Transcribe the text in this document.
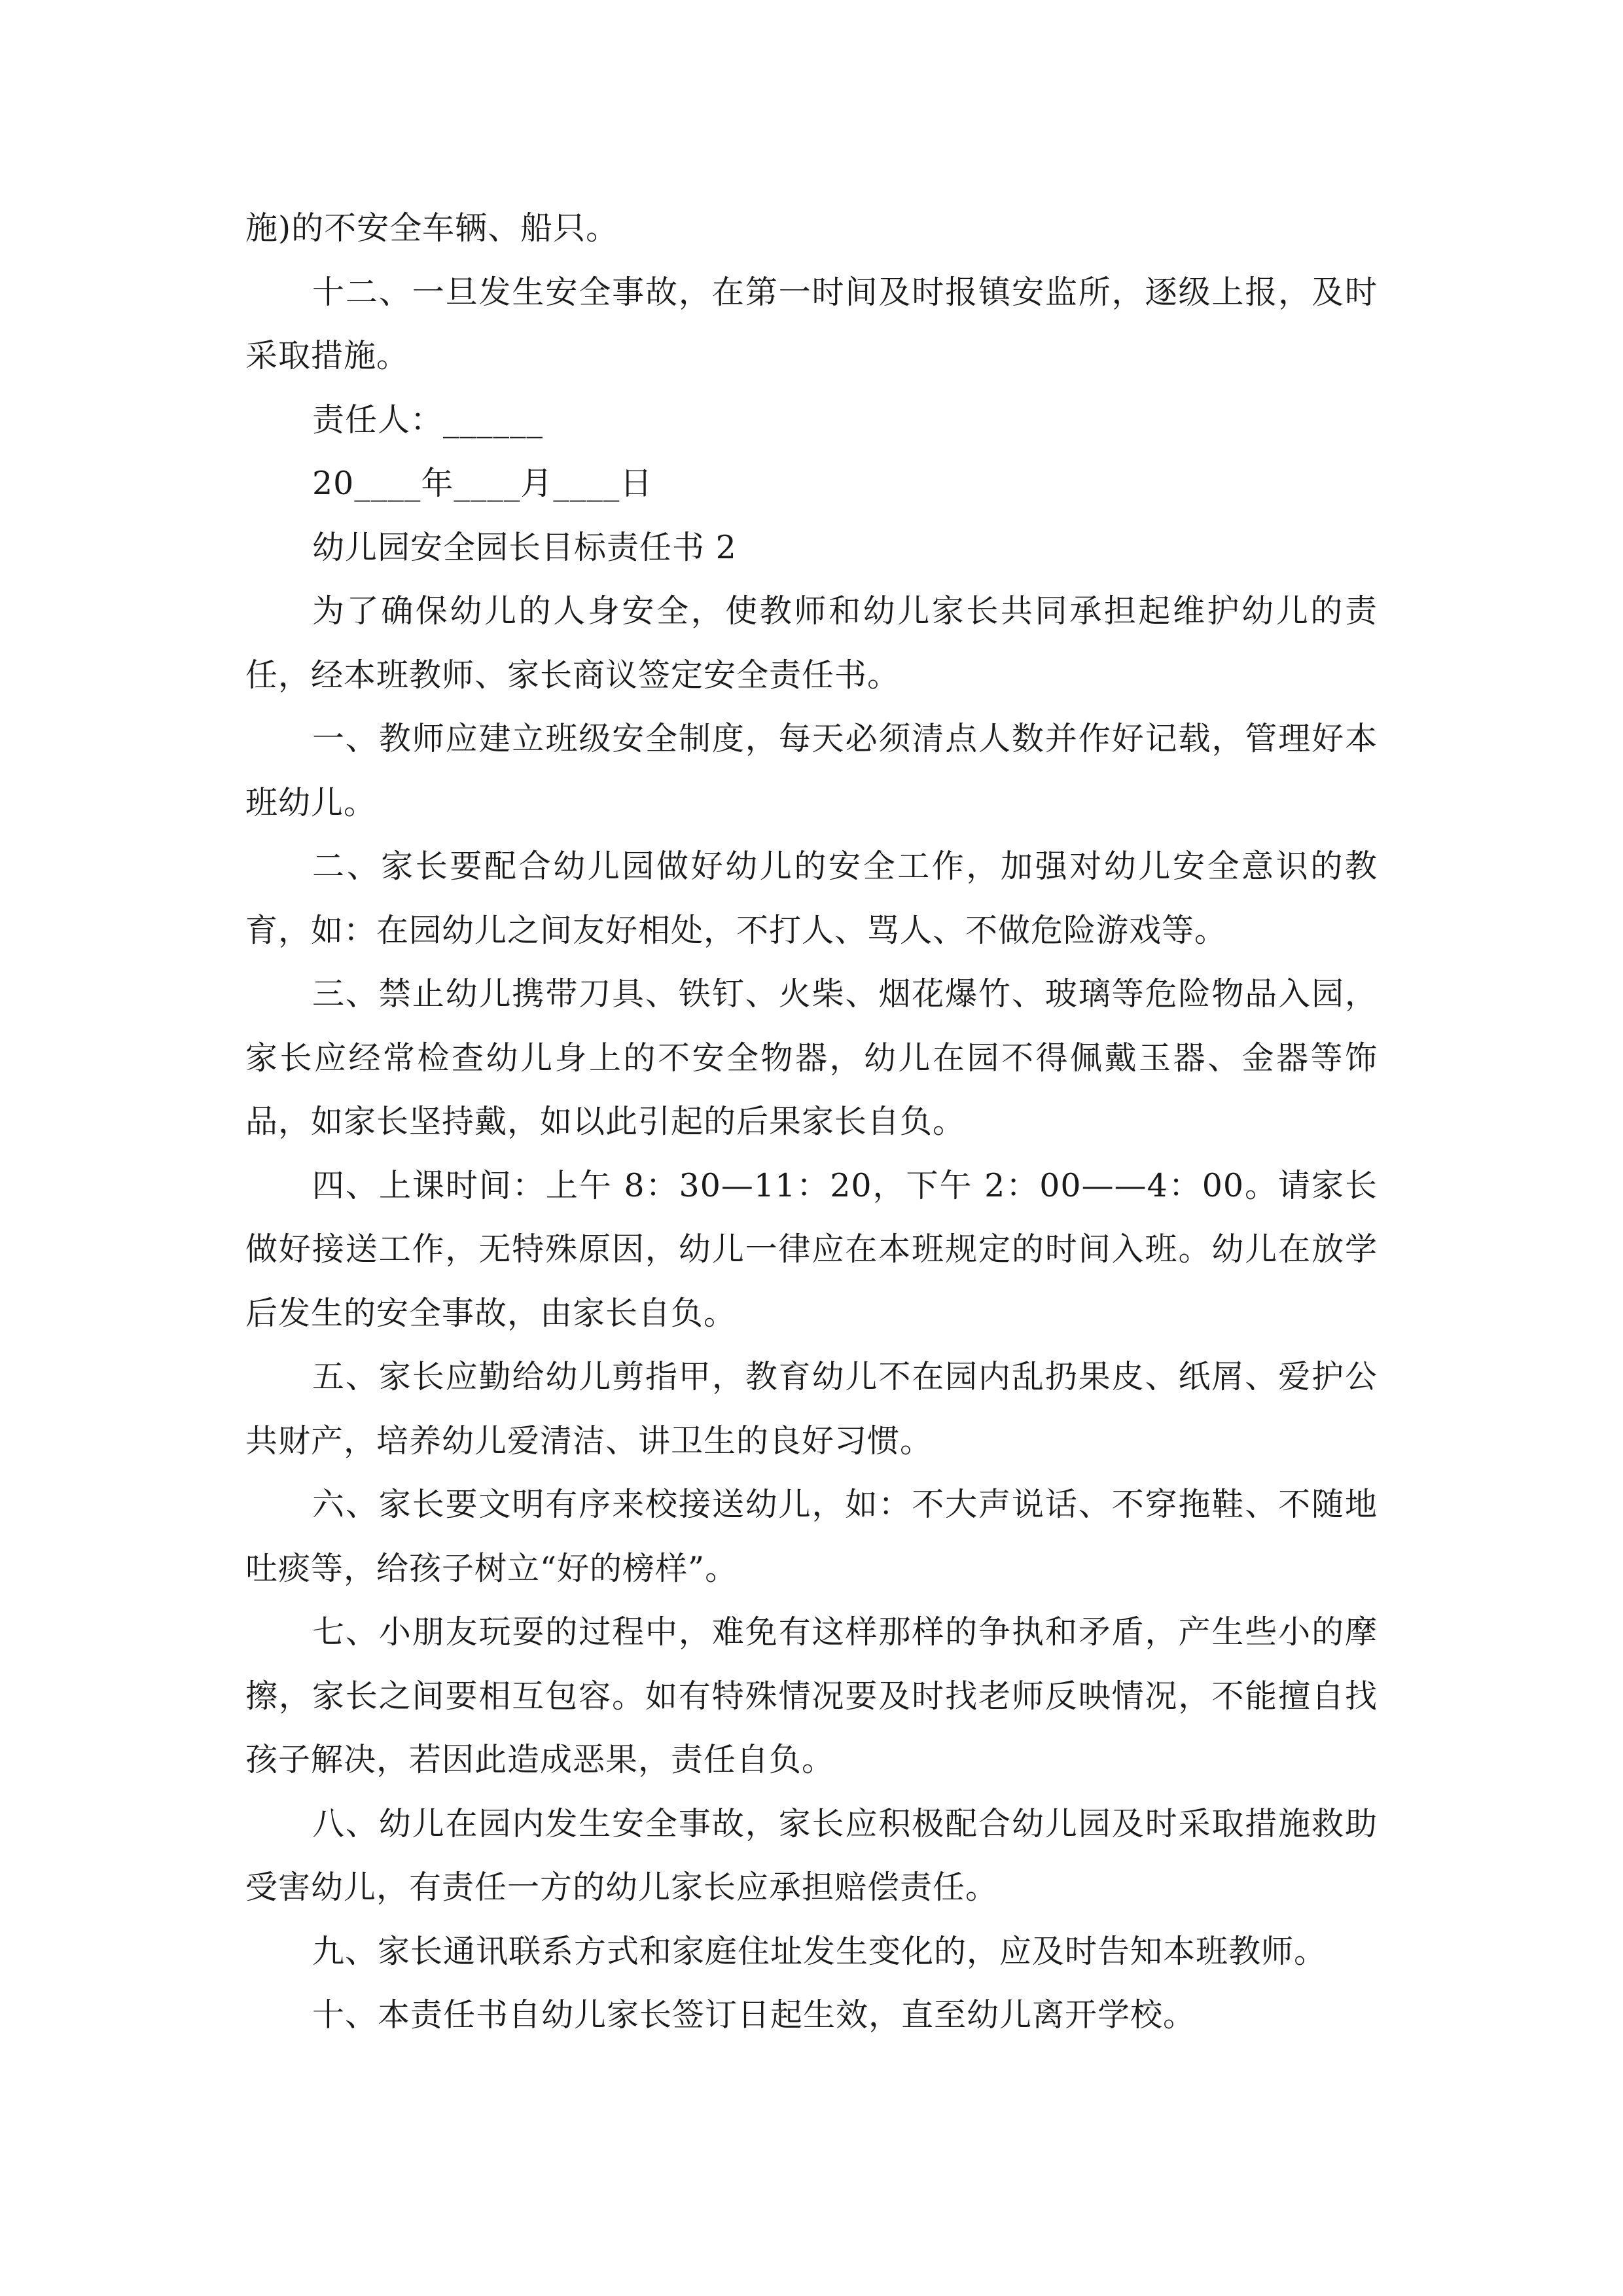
施)的不安全车辆、船只。

十二、一旦发生安全事故，在第一时间及时报镇安监所，逐级上报，及时采取措施。

责任人：______

20____年____月____日

幼儿园安全园长目标责任书 2

为了确保幼儿的人身安全，使教师和幼儿家长共同承担起维护幼儿的责任，经本班教师、家长商议签定安全责任书。

一、教师应建立班级安全制度，每天必须清点人数并作好记载，管理好本班幼儿。

二、家长要配合幼儿园做好幼儿的安全工作，加强对幼儿安全意识的教育，如：在园幼儿之间友好相处，不打人、骂人、不做危险游戏等。

三、禁止幼儿携带刀具、铁钉、火柴、烟花爆竹、玻璃等危险物品入园，家长应经常检查幼儿身上的不安全物器，幼儿在园不得佩戴玉器、金器等饰品，如家长坚持戴，如以此引起的后果家长自负。

四、上课时间：上午 8：30—11：20，下午 2：00——4：00。请家长做好接送工作，无特殊原因，幼儿一律应在本班规定的时间入班。幼儿在放学后发生的安全事故，由家长自负。

五、家长应勤给幼儿剪指甲，教育幼儿不在园内乱扔果皮、纸屑、爱护公共财产，培养幼儿爱清洁、讲卫生的良好习惯。

六、家长要文明有序来校接送幼儿，如：不大声说话、不穿拖鞋、不随地吐痰等，给孩子树立“好的榜样”。

七、小朋友玩耍的过程中，难免有这样那样的争执和矛盾，产生些小的摩擦，家长之间要相互包容。如有特殊情况要及时找老师反映情况，不能擅自找孩子解决，若因此造成恶果，责任自负。

八、幼儿在园内发生安全事故，家长应积极配合幼儿园及时采取措施救助受害幼儿，有责任一方的幼儿家长应承担赔偿责任。

九、家长通讯联系方式和家庭住址发生变化的，应及时告知本班教师。

十、本责任书自幼儿家长签订日起生效，直至幼儿离开学校。
